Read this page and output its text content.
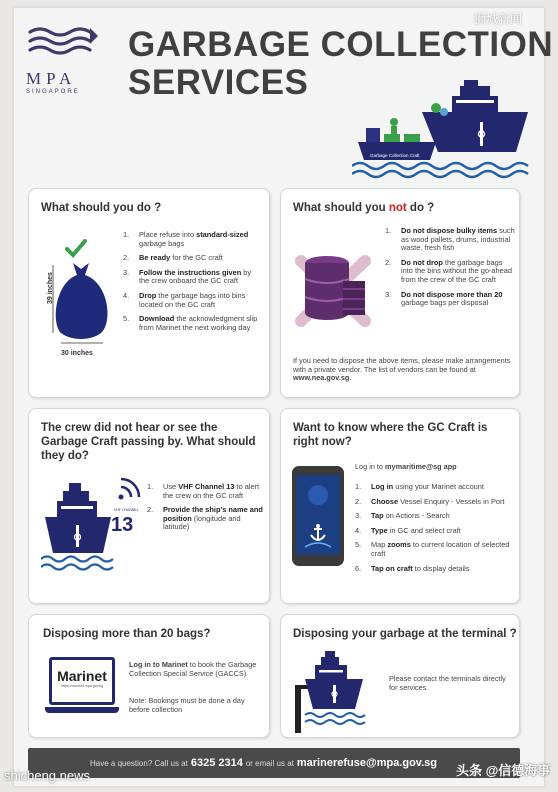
狮城新闻
MPA
SINGAPORE
GARBAGE COLLECTION
SERVICES
Garbage Collection Craft
What should you do ?
39 inches
30 inches
1. Place refuse into standard-sized garbage bags
2. Be ready for the GC craft
3. Follow the instructions given by the crew onboard the GC craft
4. Drop the garbage bags into bins located on the GC craft
5. Download the acknowledgment slip from Marinet the next working day
What should you not do ?
1. Do not dispose bulky items such as wood pallets, drums, industrial waste, fresh fish
2. Do not drop the garbage bags into the bins without the go-ahead from the crew of the GC craft
3. Do not dispose more than 20 garbage bags per disposal

If you need to dispose the above items, please make arrangements with a private vendor. The list of vendors can be found at www.nea.gov.sg.

The crew did not hear or see the Garbage Craft passing by. What should they do?
VHF CHANNEL
13
1. Use VHF Channel 13 to alert the crew on the GC craft
2. Provide the ship's name and position (longitude and latitude)
Want to know where the GC Craft is right now?

Log in to mymaritime@sg app

1. Log in using your Marinet account
2. Choose Vessel Enquiry - Vessels in Port
3. Tap on Actions - Search
4. Type in GC and select craft
5. Map zooms to current location of selected craft
6. Tap on craft to display details
Disposing more than 20 bags?
Marinet
https://marinet.mpa.gov.sg

Log in to Marinet to book the Garbage Collection Special Service (GACCS)

Note: Bookings must be done a day before collection

Disposing your garbage at the terminal ?

Please contact the terminals directly for services.

Have a question? Call us at 6325 2314 or email us at marinerefuse@mpa.gov.sg
shicheng.news	头条 @信德海事
